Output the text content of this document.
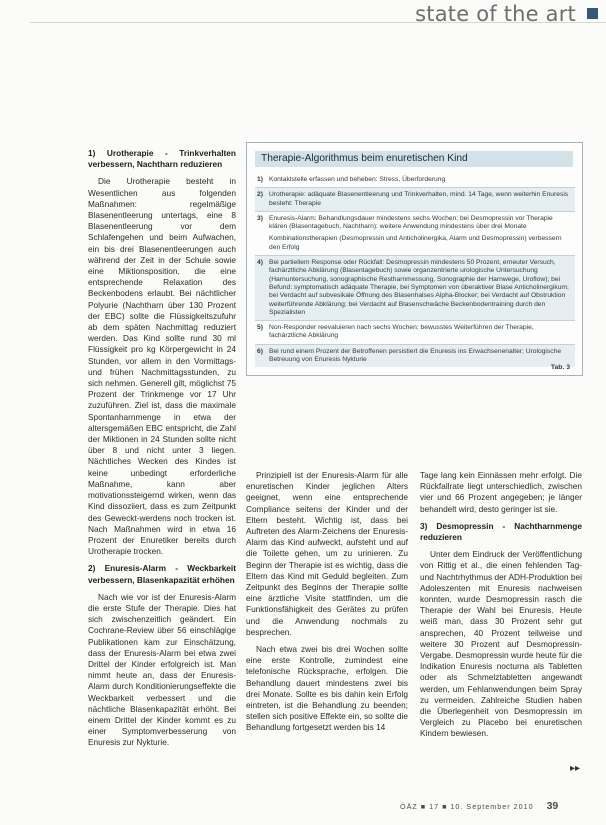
state of the art

1) Urotherapie - Trinkverhalten verbessern, Nachtharn reduzieren

Die Urotherapie besteht in Wesentlichen aus folgenden Maßnahmen: regelmäßige Blasenentleerung untertags, eine 8 Blasenentleerung vor dem Schlafengehen und beim Aufwachen, ein bis drei Blasenentleerungen auch während der Zeit in der Schule sowie eine Miktionsposition, die eine entsprechende Relaxation des Beckenbodens erlaubt. Bei nächtlicher Polyurie (Nachtharn über 130 Prozent der EBC) sollte die Flüssigkeitszufuhr ab dem späten Nachmittag reduziert werden. Das Kind sollte rund 30 ml Flüssigkeit pro kg Körpergewicht in 24 Stunden, vor allem in den Vormittags- und frühen Nachmittagsstunden, zu sich nehmen. Generell gilt, möglichst 75 Prozent der Trinkmenge vor 17 Uhr zuzuführen. Ziel ist, dass die maximale Spontanharnmenge in etwa der altersgemäßen EBC entspricht, die Zahl der Miktionen in 24 Stunden sollte nicht über 8 und nicht unter 3 liegen. Nächtliches Wecken des Kindes ist keine unbedingt erforderliche Maßnahme, kann aber motivationssteigernd wirken, wenn das Kind dissoziiert, dass es zum Zeitpunkt des Geweckt-werdens noch trocken ist. Nach Maßnahmen wird in etwa 16 Prozent der Enuretiker bereits durch Urotherapie trocken.

2) Enuresis-Alarm - Weckbarkeit verbessern, Blasenkapazität erhöhen

Nach wie vor ist der Enuresis-Alarm die erste Stufe der Therapie. Dies hat sich zwischenzeitlich geändert. Ein Cochrane-Review über 56 einschlägige Publikationen kam zur Einschätzung, dass der Enuresis-Alarm bei etwa zwei Drittel der Kinder erfolgreich ist. Man nimmt heute an, dass der Enuresis-Alarm durch Konditionierungseffekte die Weckbarkeit verbessert und die nächtliche Blasenkapazität erhöht. Bei einem Drittel der Kinder kommt es zu einer Symptomverbesserung von Enuresis zur Nykturie.

Therapie-Algorithmus beim enuretischen Kind
1) Kontaktstelle erfassen und beheben: Stress, Überforderung
2) Urotherapie: adäquate Blasenentleerung und Trinkverhalten, mind. 14 Tage, wenn weiterhin Enuresis besteht: Therapie
3) Enuresis-Alarm: Behandlungsdauer mindestens sechs Wochen; bei Desmopressin vor Therapie klären (Blasentagebuch, Nachtharn): weitere Anwendung mindestens über drei Monate
Kombinationstherapien (Desmopressin und Anticholinergika, Alarm und Desmopressin) verbessern den Erfolg
4) Bei partiellem Response oder Rückfall: Desmopressin mindestens 50 Prozent, erneuter Versuch, fachärztliche Abklärung (Blasentagebuch) sowie organzentrierte urologische Untersuchung (Harnuntersuchung, sonographische Restharnmessung, Sonographie der Harnwege, Uroflow); bei Befund: symptomatisch adäquate Therapie, bei Symptomen von überaktiver Blase Anticholinergikum; bei Verdacht auf subvesikale Öffnung des Blasenhalses Alpha-Blocker; bei Verdacht auf Obstruktion weiterführende Abklärung; bei Verdacht auf Blasenschwäche Beckenbodentraining durch den Spezialisten
5) Non-Responder reevaluieren nach sechs Wochen; bewusstes Weiterführen der Therapie, fachärztliche Abklärung
6) Bei rund einem Prozent der Betroffenen persistiert die Enuresis ins Erwachsenenalter; Urologische Betreuung von Enuresis Nykturie
Tab. 3

Prinzipiell ist der Enuresis-Alarm für alle enuretischen Kinder jeglichen Alters geeignet, wenn eine entsprechende Compliance seitens der Kinder und der Eltern besteht. Wichtig ist, dass bei Auftreten des Alarm-Zeichens der Enuresis-Alarm das Kind aufweckt, aufsteht und auf die Toilette gehen, um zu urinieren. Zu Beginn der Therapie ist es wichtig, dass die Eltern das Kind mit Geduld begleiten. Zum Zeitpunkt des Beginns der Therapie sollte eine ärztliche Visite stattfinden, um die Funktionsfähigkeit des Gerätes zu prüfen und die Anwendung nochmals zu besprechen.

Nach etwa zwei bis drei Wochen sollte eine erste Kontrolle, zumindest eine telefonische Rücksprache, erfolgen. Die Behandlung dauert mindestens zwei bis drei Monate. Sollte es bis dahin kein Erfolg eintreten, ist die Behandlung zu beenden; stellen sich positive Effekte ein, so sollte die Behandlung fortgesetzt werden bis 14

Tage lang kein Einnässen mehr erfolgt. Die Rückfallrate liegt unterschiedlich, zwischen vier und 66 Prozent angegeben; je länger behandelt wird, desto geringer ist sie.

3) Desmopressin - Nachtharnmenge reduzieren

Unter dem Eindruck der Veröffentlichung von Rittig et al., die einen fehlenden Tag- und Nachtrhythmus der ADH-Produktion bei Adoleszenten mit Enuresis nachweisen konnten, wurde Desmopressin rasch die Therapie der Wahl bei Enuresis. Heute weiß man, dass 30 Prozent sehr gut ansprechen, 40 Prozent teilweise und weitere 30 Prozent auf Desmopressin-Vergabe. Desmopressin wurde heute für die Indikation Enuresis nocturna als Tabletten oder als Schmelztabletten angewandt werden, um Fehlanwendungen beim Spray zu vermeiden. Zahlreiche Studien haben die Überlegenheit von Desmopressin im Vergleich zu Placebo bei enuretischen Kindern bewiesen.

▸▸
ÖÄZ ■ 17 ■ 10. September 2010 39
